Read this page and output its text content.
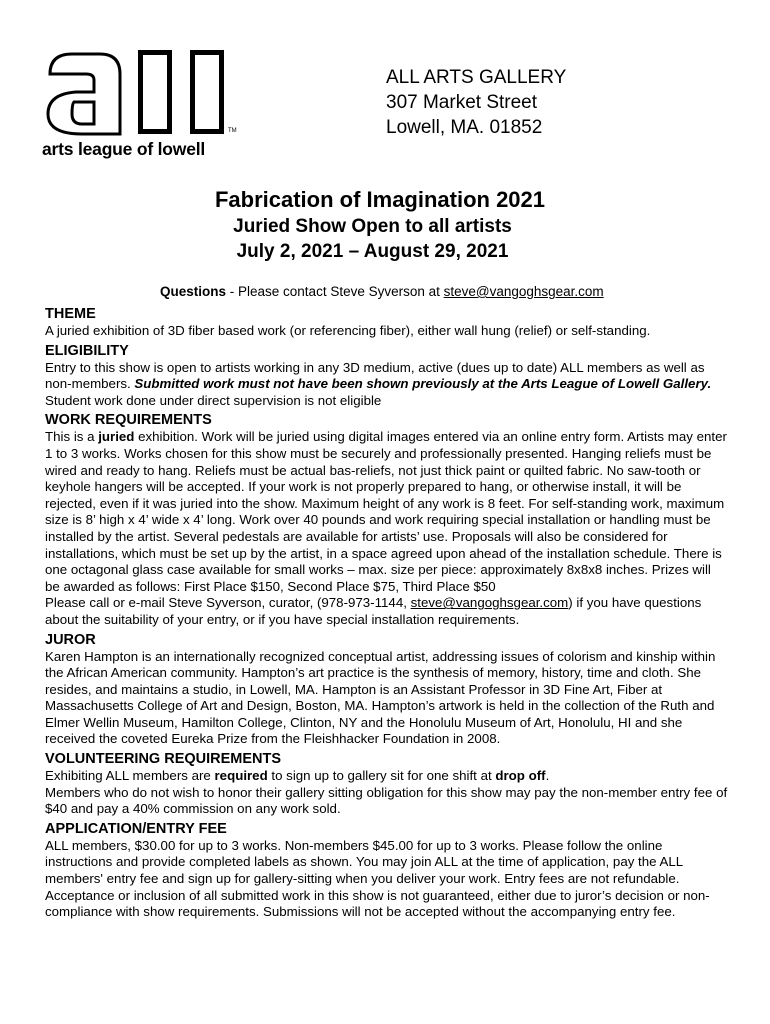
TM
arts league of lowell
ALL ARTS GALLERY
307 Market Street
Lowell, MA. 01852
Fabrication of Imagination 2021
Juried Show Open to all artists
July 2, 2021 – August 29, 2021
Questions - Please contact Steve Syverson at steve@vangoghsgear.com
THEME

A juried exhibition of 3D fiber based work (or referencing fiber), either wall hung (relief) or self-standing.

ELIGIBILITY

Entry to this show is open to artists working in any 3D medium, active (dues up to date) ALL members as well as non-members. Submitted work must not have been shown previously at the Arts League of Lowell Gallery. Student work done under direct supervision is not eligible

WORK REQUIREMENTS

This is a juried exhibition. Work will be juried using digital images entered via an online entry form. Artists may enter 1 to 3 works. Works chosen for this show must be securely and professionally presented. Hanging reliefs must be wired and ready to hang. Reliefs must be actual bas-reliefs, not just thick paint or quilted fabric. No saw-tooth or keyhole hangers will be accepted. If your work is not properly prepared to hang, or otherwise install, it will be rejected, even if it was juried into the show. Maximum height of any work is 8 feet. For self-standing work, maximum size is 8’ high x 4’ wide x 4’ long. Work over 40 pounds and work requiring special installation or handling must be installed by the artist. Several pedestals are available for artists’ use. Proposals will also be considered for installations, which must be set up by the artist, in a space agreed upon ahead of the installation schedule. There is one octagonal glass case available for small works – max. size per piece: approximately 8x8x8 inches. Prizes will be awarded as follows: First Place $150, Second Place $75, Third Place $50

Please call or e-mail Steve Syverson, curator, (978-973-1144, steve@vangoghsgear.com) if you have questions about the suitability of your entry, or if you have special installation requirements.

JUROR

Karen Hampton is an internationally recognized conceptual artist, addressing issues of colorism and kinship within the African American community. Hampton’s art practice is the synthesis of memory, history, time and cloth. She resides, and maintains a studio, in Lowell, MA. Hampton is an Assistant Professor in 3D Fine Art, Fiber at Massachusetts College of Art and Design, Boston, MA. Hampton’s artwork is held in the collection of the Ruth and Elmer Wellin Museum, Hamilton College, Clinton, NY and the Honolulu Museum of Art, Honolulu, HI and she received the coveted Eureka Prize from the Fleishhacker Foundation in 2008.

VOLUNTEERING REQUIREMENTS

Exhibiting ALL members are required to sign up to gallery sit for one shift at drop off.

Members who do not wish to honor their gallery sitting obligation for this show may pay the non-member entry fee of $40 and pay a 40% commission on any work sold.

APPLICATION/ENTRY FEE

ALL members, $30.00 for up to 3 works. Non-members $45.00 for up to 3 works. Please follow the online instructions and provide completed labels as shown. You may join ALL at the time of application, pay the ALL members' entry fee and sign up for gallery-sitting when you deliver your work. Entry fees are not refundable. Acceptance or inclusion of all submitted work in this show is not guaranteed, either due to juror’s decision or non-compliance with show requirements. Submissions will not be accepted without the accompanying entry fee.
